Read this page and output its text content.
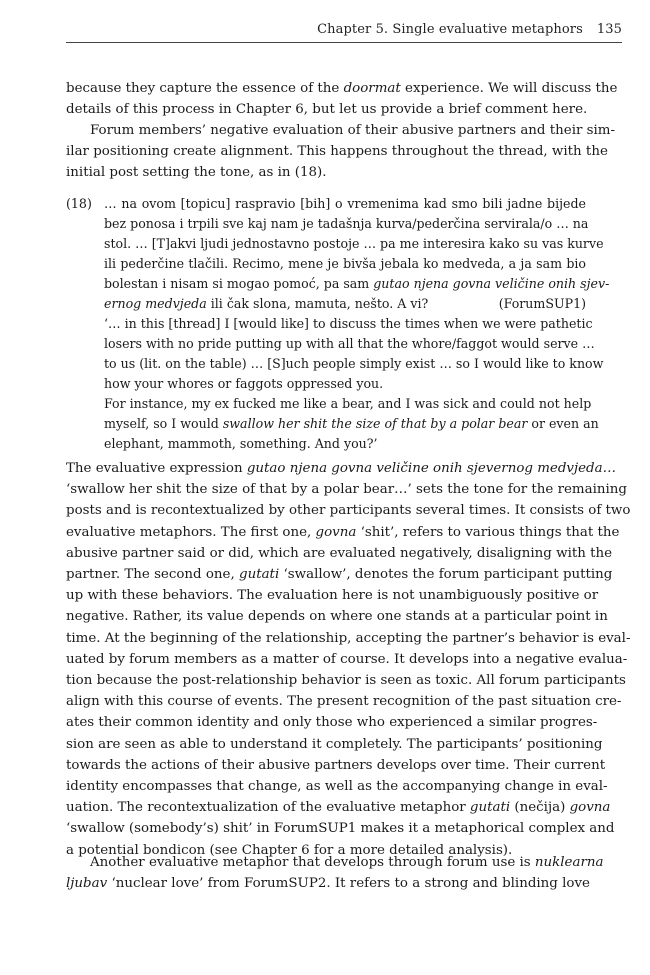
Chapter 5. Single evaluative metaphors 135
because they capture the essence of the doormat experience. We will discuss the
details of this process in Chapter 6, but let us provide a brief comment here.
Forum members’ negative evaluation of their abusive partners and their sim-
ilar positioning create alignment. This happens throughout the thread, with the
initial post setting the tone, as in (18).
(18) … na ovom [topicu] raspravio [bih] o vremenima kad smo bili jadne bijede
bez ponosa i trpili sve kaj nam je tadašnja kurva/pederčina servirala/o … na
stol. … [T]akvi ljudi jednostavno postoje … pa me interesira kako su vas kurve
ili pederčine tlačili. Recimo, mene je bivša jebala ko medveda, a ja sam bio
bolestan i nisam si mogao pomoć, pa sam gutao njena govna veličine onih sjev-
ernog medvjeda ili čak slona, mamuta, nešto. A vi?	(ForumSUP1)
‘… in this [thread] I [would like] to discuss the times when we were pathetic
losers with no pride putting up with all that the whore/faggot would serve …
to us (lit. on the table) … [S]uch people simply exist … so I would like to know
how your whores or faggots oppressed you.
For instance, my ex fucked me like a bear, and I was sick and could not help
myself, so I would swallow her shit the size of that by a polar bear or even an
elephant, mammoth, something. And you?’
The evaluative expression gutao njena govna veličine onih sjevernog medvjeda…
‘swallow her shit the size of that by a polar bear…’ sets the tone for the remaining
posts and is recontextualized by other participants several times. It consists of two
evaluative metaphors. The first one, govna ‘shit’, refers to various things that the
abusive partner said or did, which are evaluated negatively, disaligning with the
partner. The second one, gutati ‘swallow’, denotes the forum participant putting
up with these behaviors. The evaluation here is not unambiguously positive or
negative. Rather, its value depends on where one stands at a particular point in
time. At the beginning of the relationship, accepting the partner’s behavior is eval-
uated by forum members as a matter of course. It develops into a negative evalua-
tion because the post-relationship behavior is seen as toxic. All forum participants
align with this course of events. The present recognition of the past situation cre-
ates their common identity and only those who experienced a similar progres-
sion are seen as able to understand it completely. The participants’ positioning
towards the actions of their abusive partners develops over time. Their current
identity encompasses that change, as well as the accompanying change in eval-
uation. The recontextualization of the evaluative metaphor gutati (nečija) govna
‘swallow (somebody’s) shit’ in ForumSUP1 makes it a metaphorical complex and
a potential bondicon (see Chapter 6 for a more detailed analysis).
Another evaluative metaphor that develops through forum use is nuklearna
ljubav ‘nuclear love’ from ForumSUP2. It refers to a strong and blinding love
